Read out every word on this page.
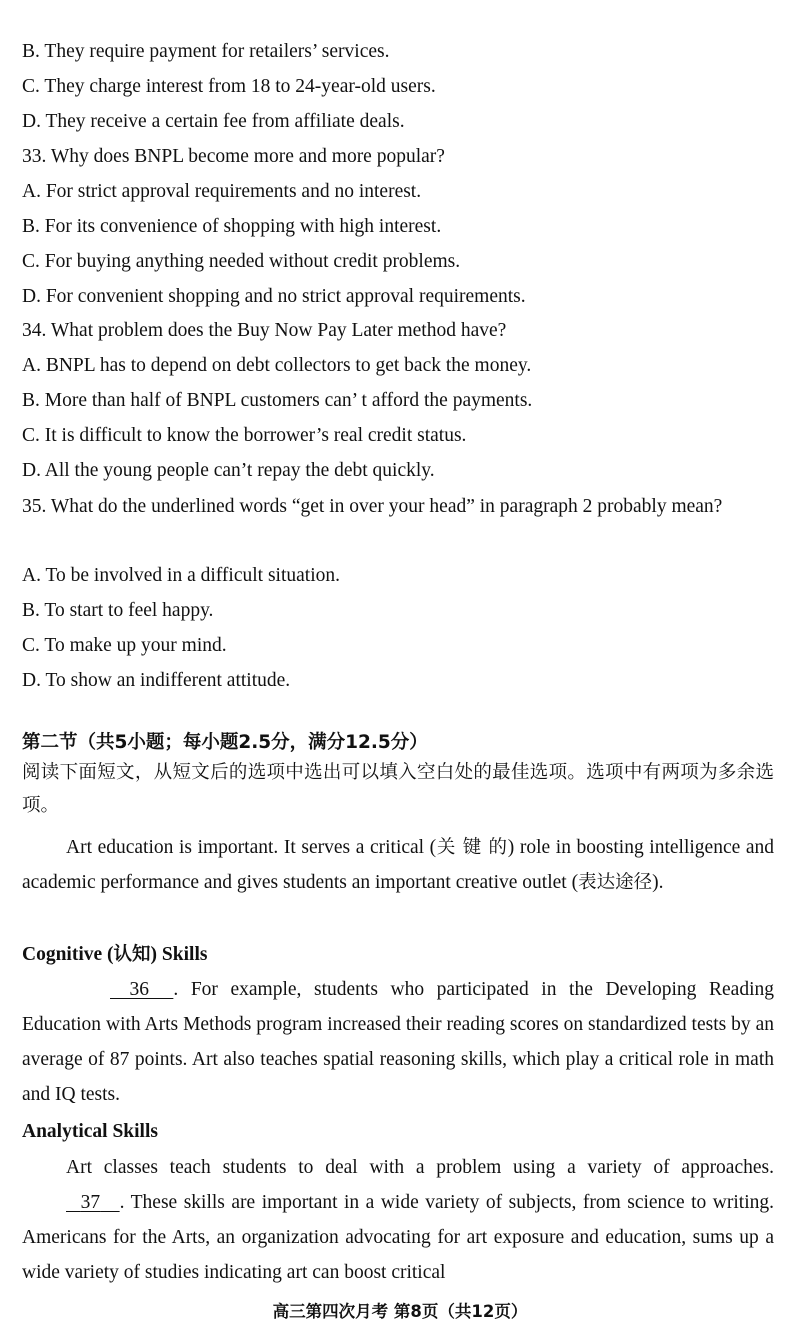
B. They require payment for retailers’ services.
C. They charge interest from 18 to 24-year-old users.
D. They receive a certain fee from affiliate deals.
33. Why does BNPL become more and more popular?
A. For strict approval requirements and no interest.
B. For its convenience of shopping with high interest.
C. For buying anything needed without credit problems.
D. For convenient shopping and no strict approval requirements.
34. What problem does the Buy Now Pay Later method have?
A. BNPL has to depend on debt collectors to get back the money.
B. More than half of BNPL customers can’ t afford the payments.
C. It is difficult to know the borrower’s real credit status.
D. All the young people can’t repay the debt quickly.
35. What do the underlined words “get in over your head” in paragraph 2 probably mean?
A. To be involved in a difficult situation.
B. To start to feel happy.
C. To make up your mind.
D. To show an indifferent attitude.
第二节（共5小题；每小题2.5分，满分12.5分）
阅读下面短文，从短文后的选项中选出可以填入空白处的最佳选项。选项中有两项为多余选项。
Art education is important. It serves a critical (关 键 的) role in boosting intelligence and academic performance and gives students an important creative outlet (表达途径).
Cognitive (认知) Skills
36 . For example, students who participated in the Developing Reading Education with Arts Methods program increased their reading scores on standardized tests by an average of 87 points. Art also teaches spatial reasoning skills, which play a critical role in math and IQ tests.
Analytical Skills
Art classes teach students to deal with a problem using a variety of approaches.   37 . These skills are important in a wide variety of subjects, from science to writing. Americans for the Arts, an organization advocating for art exposure and education, sums up a wide variety of studies indicating art can boost critical
高三第四次月考 第8页（共12页）
